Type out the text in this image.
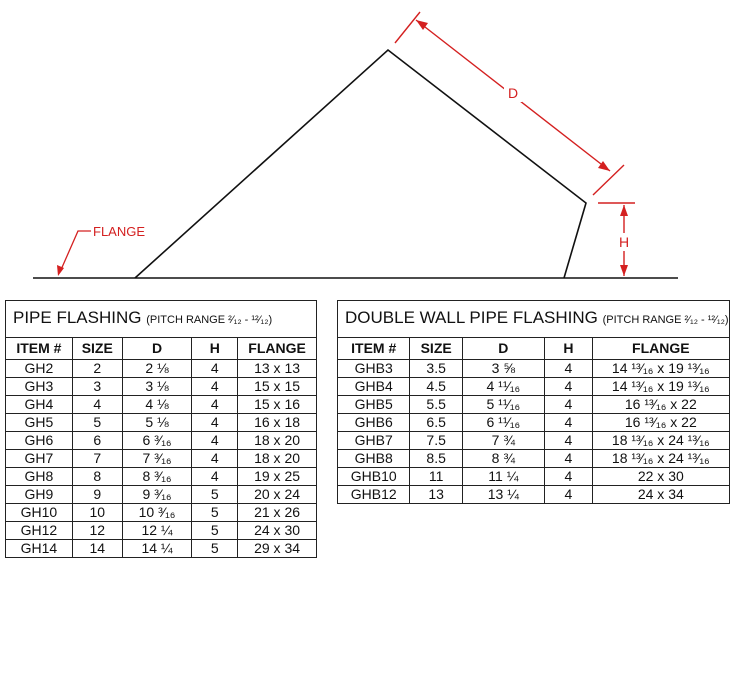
D
H
FLANGE
PIPE FLASHING (PITCH RANGE ²⁄₁₂ - ¹²⁄₁₂)				
ITEM #	SIZE	D	H	FLANGE
GH2	2	2 ⅛	4	13 x 13
GH3	3	3 ⅛	4	15 x 15
GH4	4	4 ⅛	4	15 x 16
GH5	5	5 ⅛	4	16 x 18
GH6	6	6 ³⁄₁₆	4	18 x 20
GH7	7	7 ³⁄₁₆	4	18 x 20
GH8	8	8 ³⁄₁₆	4	19 x 25
GH9	9	9 ³⁄₁₆	5	20 x 24
GH10	10	10 ³⁄₁₆	5	21 x 26
GH12	12	12 ¼	5	24 x 30
GH14	14	14 ¼	5	29 x 34
DOUBLE WALL PIPE FLASHING (PITCH RANGE ²⁄₁₂ - ¹²⁄₁₂)				
ITEM #	SIZE	D	H	FLANGE
GHB3	3.5	3 ⅝	4	14 ¹³⁄₁₆ x 19 ¹³⁄₁₆
GHB4	4.5	4 ¹¹⁄₁₆	4	14 ¹³⁄₁₆ x 19 ¹³⁄₁₆
GHB5	5.5	5 ¹¹⁄₁₆	4	16 ¹³⁄₁₆ x 22
GHB6	6.5	6 ¹¹⁄₁₆	4	16 ¹³⁄₁₆ x 22
GHB7	7.5	7 ¾	4	18 ¹³⁄₁₆ x 24 ¹³⁄₁₆
GHB8	8.5	8 ¾	4	18 ¹³⁄₁₆ x 24 ¹³⁄₁₆
GHB10	11	11 ¼	4	22 x 30
GHB12	13	13 ¼	4	24 x 34
